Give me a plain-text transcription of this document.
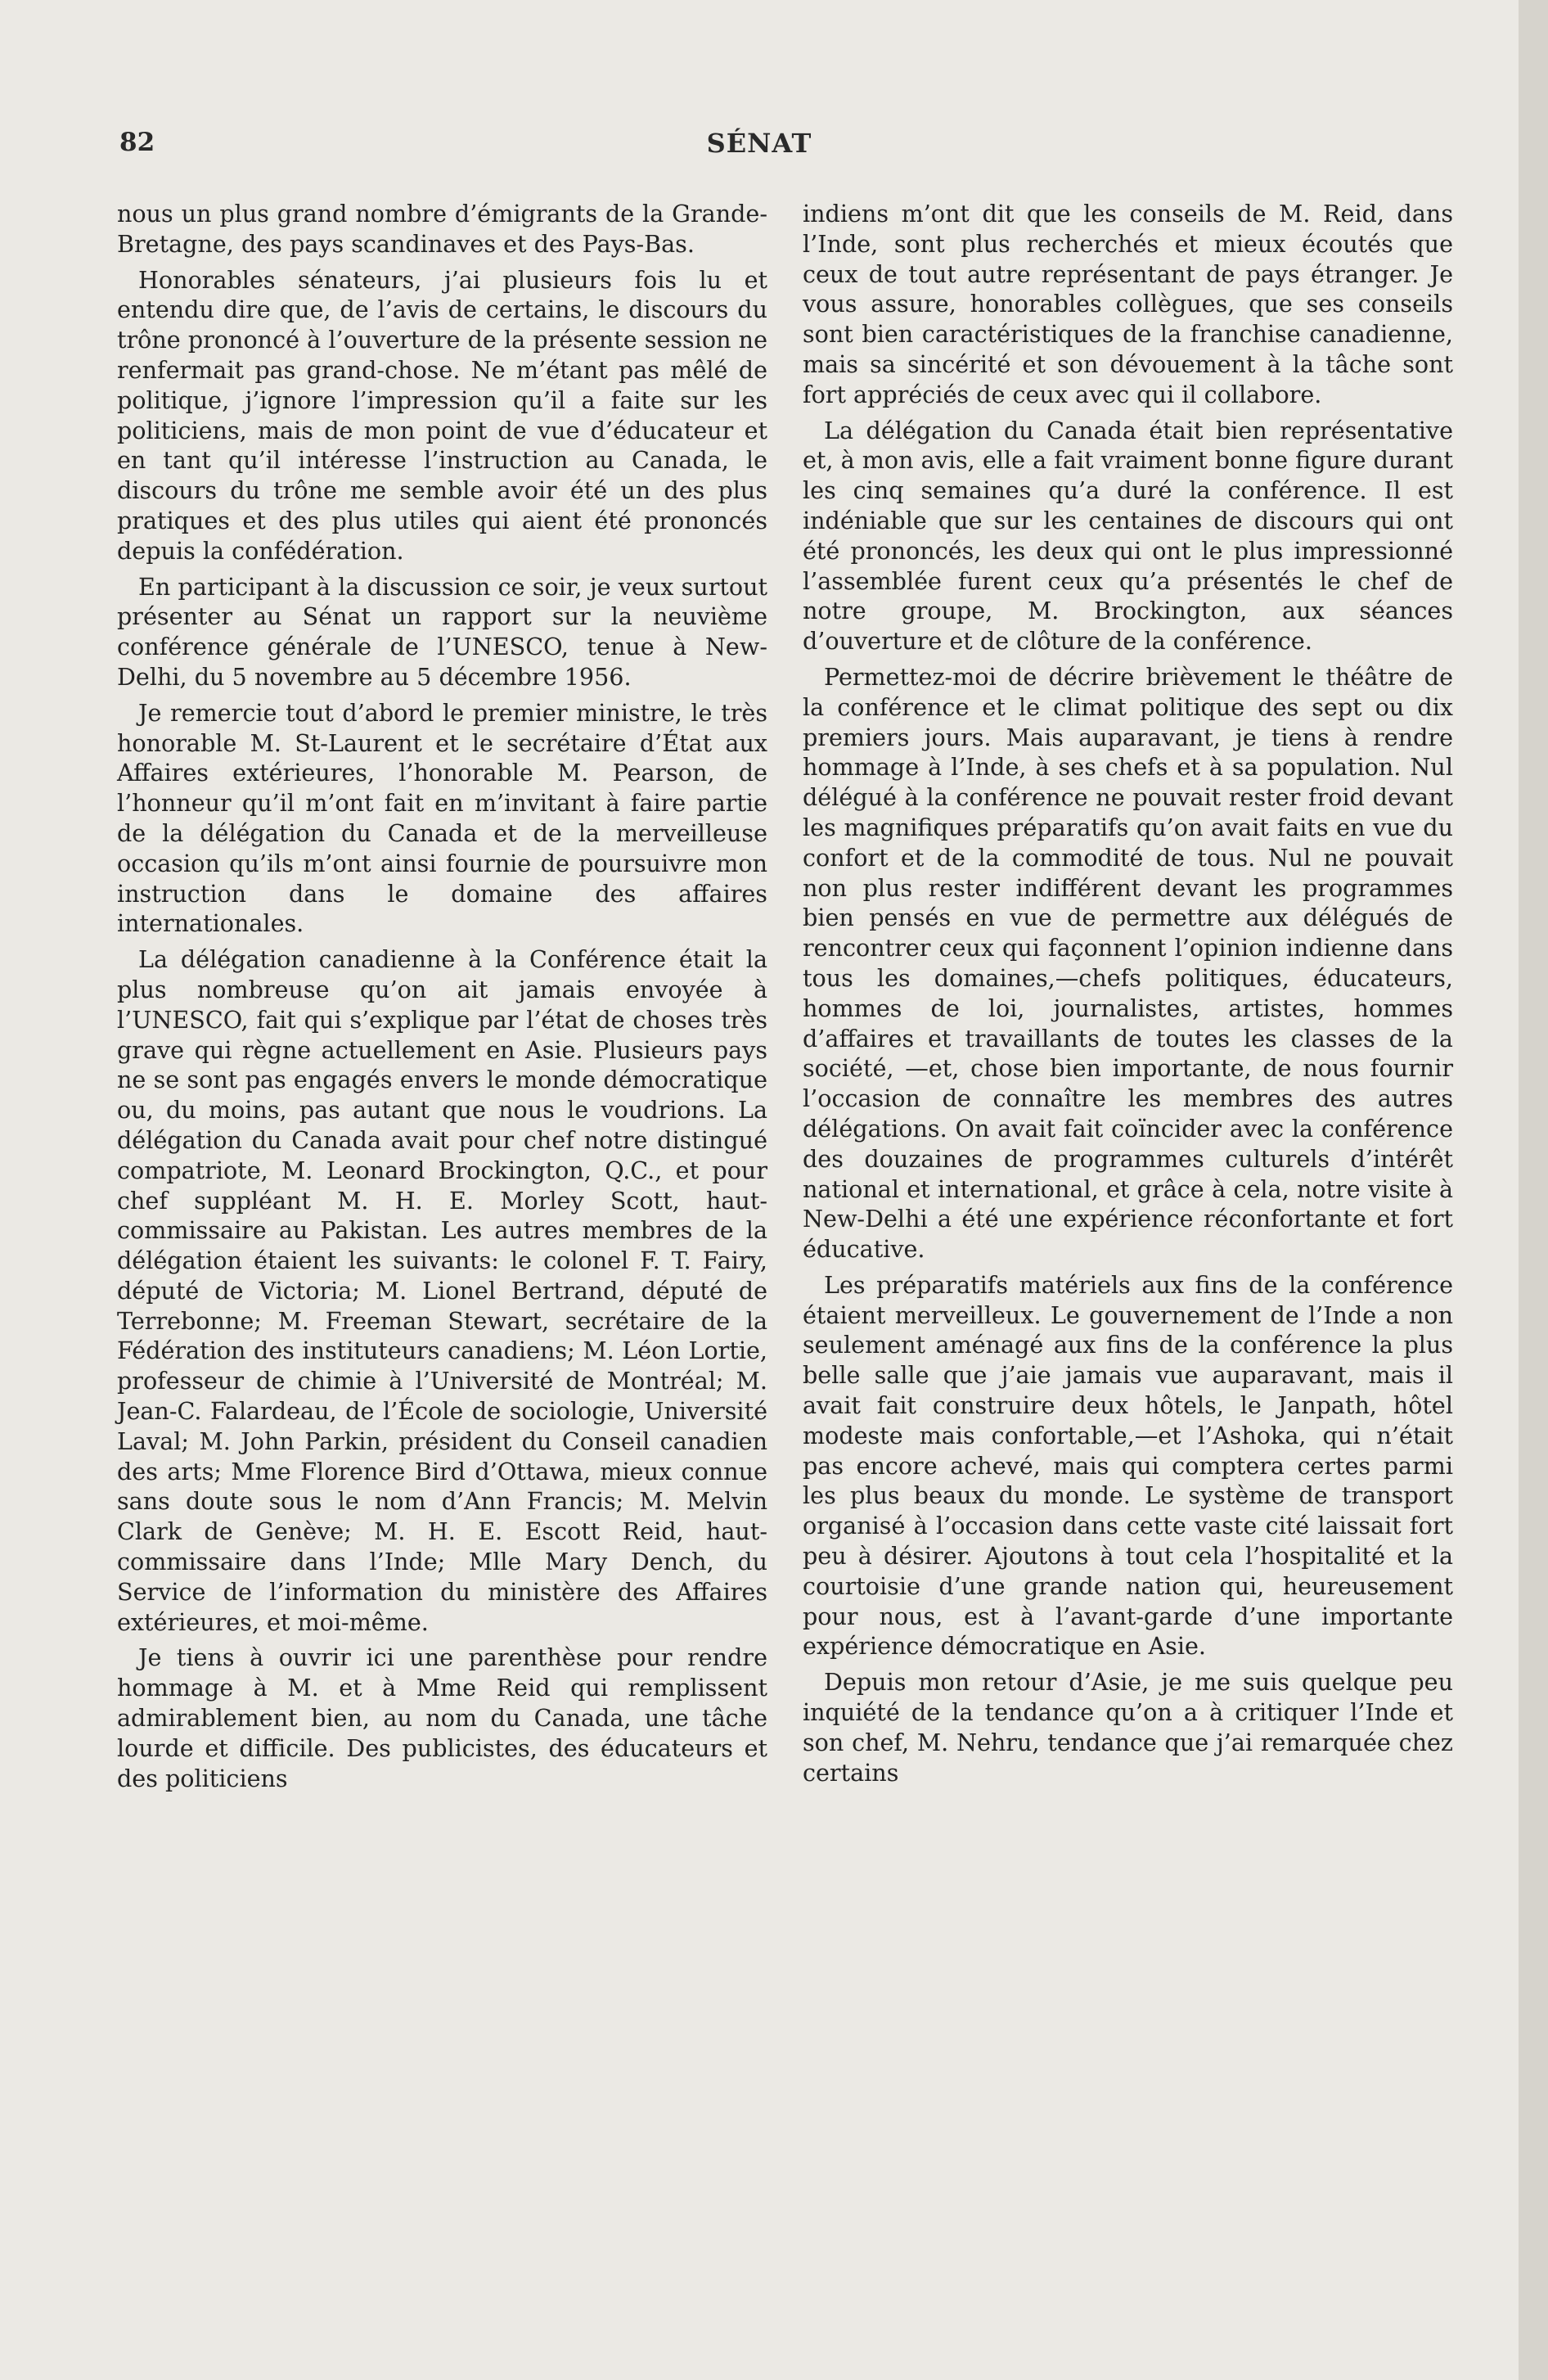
82	SÉNAT

nous un plus grand nombre d’émigrants de la Grande-Bretagne, des pays scandinaves et des Pays-Bas.

Honorables sénateurs, j’ai plusieurs fois lu et entendu dire que, de l’avis de certains, le discours du trône prononcé à l’ouverture de la présente session ne renfermait pas grand-chose. Ne m’étant pas mêlé de politique, j’ignore l’impression qu’il a faite sur les politiciens, mais de mon point de vue d’éducateur et en tant qu’il intéresse l’instruction au Canada, le discours du trône me semble avoir été un des plus pratiques et des plus utiles qui aient été prononcés depuis la confédération.

En participant à la discussion ce soir, je veux surtout présenter au Sénat un rapport sur la neuvième conférence générale de l’UNESCO, tenue à New-Delhi, du 5 novembre au 5 décembre 1956.

Je remercie tout d’abord le premier ministre, le très honorable M. St-Laurent et le secrétaire d’État aux Affaires extérieures, l’honorable M. Pearson, de l’honneur qu’il m’ont fait en m’invitant à faire partie de la délégation du Canada et de la merveilleuse occasion qu’ils m’ont ainsi fournie de poursuivre mon instruction dans le domaine des affaires internationales.

La délégation canadienne à la Conférence était la plus nombreuse qu’on ait jamais envoyée à l’UNESCO, fait qui s’explique par l’état de choses très grave qui règne actuellement en Asie. Plusieurs pays ne se sont pas engagés envers le monde démocratique ou, du moins, pas autant que nous le voudrions. La délégation du Canada avait pour chef notre distingué compatriote, M. Leonard Brockington, Q.C., et pour chef suppléant M. H. E. Morley Scott, haut-commissaire au Pakistan. Les autres membres de la délégation étaient les suivants: le colonel F. T. Fairy, député de Victoria; M. Lionel Bertrand, député de Terrebonne; M. Freeman Stewart, secrétaire de la Fédération des instituteurs canadiens; M. Léon Lortie, professeur de chimie à l’Université de Montréal; M. Jean-C. Falardeau, de l’École de sociologie, Université Laval; M. John Parkin, président du Conseil canadien des arts; Mme Florence Bird d’Ottawa, mieux connue sans doute sous le nom d’Ann Francis; M. Melvin Clark de Genève; M. H. E. Escott Reid, haut-commissaire dans l’Inde; Mlle Mary Dench, du Service de l’information du ministère des Affaires extérieures, et moi-même.

Je tiens à ouvrir ici une parenthèse pour rendre hommage à M. et à Mme Reid qui remplissent admirablement bien, au nom du Canada, une tâche lourde et difficile. Des publicistes, des éducateurs et des politiciens

indiens m’ont dit que les conseils de M. Reid, dans l’Inde, sont plus recherchés et mieux écoutés que ceux de tout autre représentant de pays étranger. Je vous assure, honorables collègues, que ses conseils sont bien caractéristiques de la franchise canadienne, mais sa sincérité et son dévouement à la tâche sont fort appréciés de ceux avec qui il collabore.

La délégation du Canada était bien représentative et, à mon avis, elle a fait vraiment bonne figure durant les cinq semaines qu’a duré la conférence. Il est indéniable que sur les centaines de discours qui ont été prononcés, les deux qui ont le plus impressionné l’assemblée furent ceux qu’a présentés le chef de notre groupe, M. Brockington, aux séances d’ouverture et de clôture de la conférence.

Permettez-moi de décrire brièvement le théâtre de la conférence et le climat politique des sept ou dix premiers jours. Mais auparavant, je tiens à rendre hommage à l’Inde, à ses chefs et à sa population. Nul délégué à la conférence ne pouvait rester froid devant les magnifiques préparatifs qu’on avait faits en vue du confort et de la commodité de tous. Nul ne pouvait non plus rester indifférent devant les programmes bien pensés en vue de permettre aux délégués de rencontrer ceux qui façonnent l’opinion indienne dans tous les domaines,—chefs politiques, éducateurs, hommes de loi, journalistes, artistes, hommes d’affaires et travaillants de toutes les classes de la société, —et, chose bien importante, de nous fournir l’occasion de connaître les membres des autres délégations. On avait fait coïncider avec la conférence des douzaines de programmes culturels d’intérêt national et international, et grâce à cela, notre visite à New-Delhi a été une expérience réconfortante et fort éducative.

Les préparatifs matériels aux fins de la conférence étaient merveilleux. Le gouvernement de l’Inde a non seulement aménagé aux fins de la conférence la plus belle salle que j’aie jamais vue auparavant, mais il avait fait construire deux hôtels, le Janpath, hôtel modeste mais confortable,—et l’Ashoka, qui n’était pas encore achevé, mais qui comptera certes parmi les plus beaux du monde. Le système de transport organisé à l’occasion dans cette vaste cité laissait fort peu à désirer. Ajoutons à tout cela l’hospitalité et la courtoisie d’une grande nation qui, heureusement pour nous, est à l’avant-garde d’une importante expérience démocratique en Asie.

Depuis mon retour d’Asie, je me suis quelque peu inquiété de la tendance qu’on a à critiquer l’Inde et son chef, M. Nehru, tendance que j’ai remarquée chez certains
